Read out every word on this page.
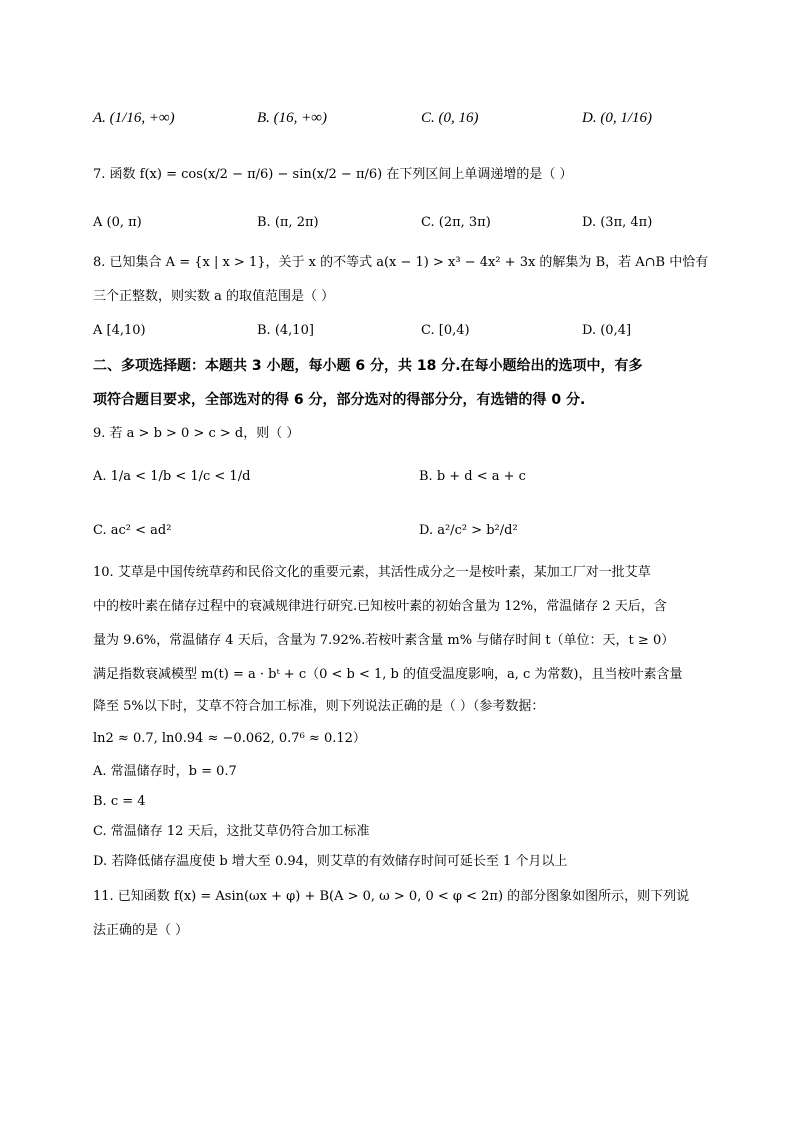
A. (1/16, +∞)	B. (16, +∞)	C. (0, 16)	D. (0, 1/16)
7. 函数 f(x) = cos(x/2 − π/6) − sin(x/2 − π/6) 在下列区间上单调递增的是（ ）
A (0, π)	B. (π, 2π)	C. (2π, 3π)	D. (3π, 4π)
8. 已知集合 A = {x | x > 1}，关于 x 的不等式 a(x − 1) > x³ − 4x² + 3x 的解集为 B，若 A∩B 中恰有
三个正整数，则实数 a 的取值范围是（ ）
A [4,10)	B. (4,10]	C. [0,4)	D. (0,4]
二、多项选择题：本题共 3 小题，每小题 6 分，共 18 分.在每小题给出的选项中，有多
项符合题目要求，全部选对的得 6 分，部分选对的得部分分，有选错的得 0 分.
9. 若 a > b > 0 > c > d，则（ ）
A. 1/a < 1/b < 1/c < 1/d	B. b + d < a + c
C. ac² < ad²	D. a²/c² > b²/d²
10. 艾草是中国传统草药和民俗文化的重要元素，其活性成分之一是桉叶素，某加工厂对一批艾草
中的桉叶素在储存过程中的衰减规律进行研究.已知桉叶素的初始含量为 12%，常温储存 2 天后，含
量为 9.6%，常温储存 4 天后，含量为 7.92%.若桉叶素含量 m% 与储存时间 t（单位：天，t ≥ 0）
满足指数衰减模型 m(t) = a · bᵗ + c（0 < b < 1, b 的值受温度影响，a, c 为常数)，且当桉叶素含量
降至 5%以下时，艾草不符合加工标准，则下列说法正确的是（ ）（参考数据：
ln2 ≈ 0.7, ln0.94 ≈ −0.062, 0.7⁶ ≈ 0.12）
A. 常温储存时，b = 0.7
B. c = 4
C. 常温储存 12 天后，这批艾草仍符合加工标准
D. 若降低储存温度使 b 增大至 0.94，则艾草的有效储存时间可延长至 1 个月以上
11. 已知函数 f(x) = Asin(ωx + φ) + B(A > 0, ω > 0, 0 < φ < 2π) 的部分图象如图所示，则下列说
法正确的是（ ）
